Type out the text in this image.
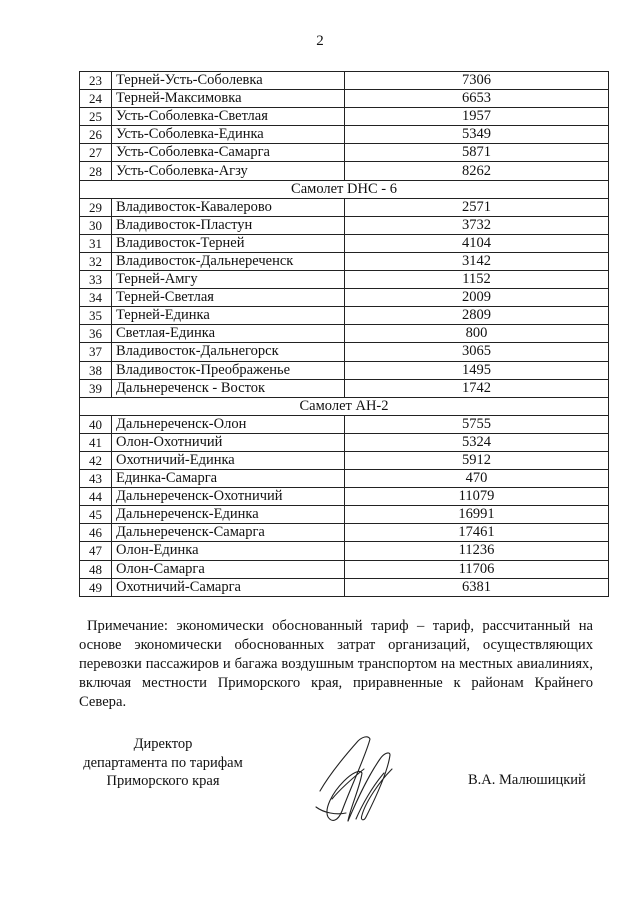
2
23	Терней-Усть-Соболевка	7306
24	Терней-Максимовка	6653
25	Усть-Соболевка-Светлая	1957
26	Усть-Соболевка-Единка	5349
27	Усть-Соболевка-Самарга	5871
28	Усть-Соболевка-Агзу	8262
Самолет DHC - 6		
29	Владивосток-Кавалерово	2571
30	Владивосток-Пластун	3732
31	Владивосток-Терней	4104
32	Владивосток-Дальнереченск	3142
33	Терней-Амгу	1152
34	Терней-Светлая	2009
35	Терней-Единка	2809
36	Светлая-Единка	800
37	Владивосток-Дальнегорск	3065
38	Владивосток-Преображенье	1495
39	Дальнереченск - Восток	1742
Самолет АН-2		
40	Дальнереченск-Олон	5755
41	Олон-Охотничий	5324
42	Охотничий-Единка	5912
43	Единка-Самарга	470
44	Дальнереченск-Охотничий	11079
45	Дальнереченск-Единка	16991
46	Дальнереченск-Самарга	17461
47	Олон-Единка	11236
48	Олон-Самарга	11706
49	Охотничий-Самарга	6381
Примечание: экономически обоснованный тариф – тариф, рассчитанный на основе экономически обоснованных затрат организаций, осуществляющих перевозки пассажиров и багажа воздушным транспортом на местных авиалиниях, включая местности Приморского края, приравненные к районам Крайнего Севера.
Директор
департамента по тарифам
Приморского края	В.А. Малюшицкий
